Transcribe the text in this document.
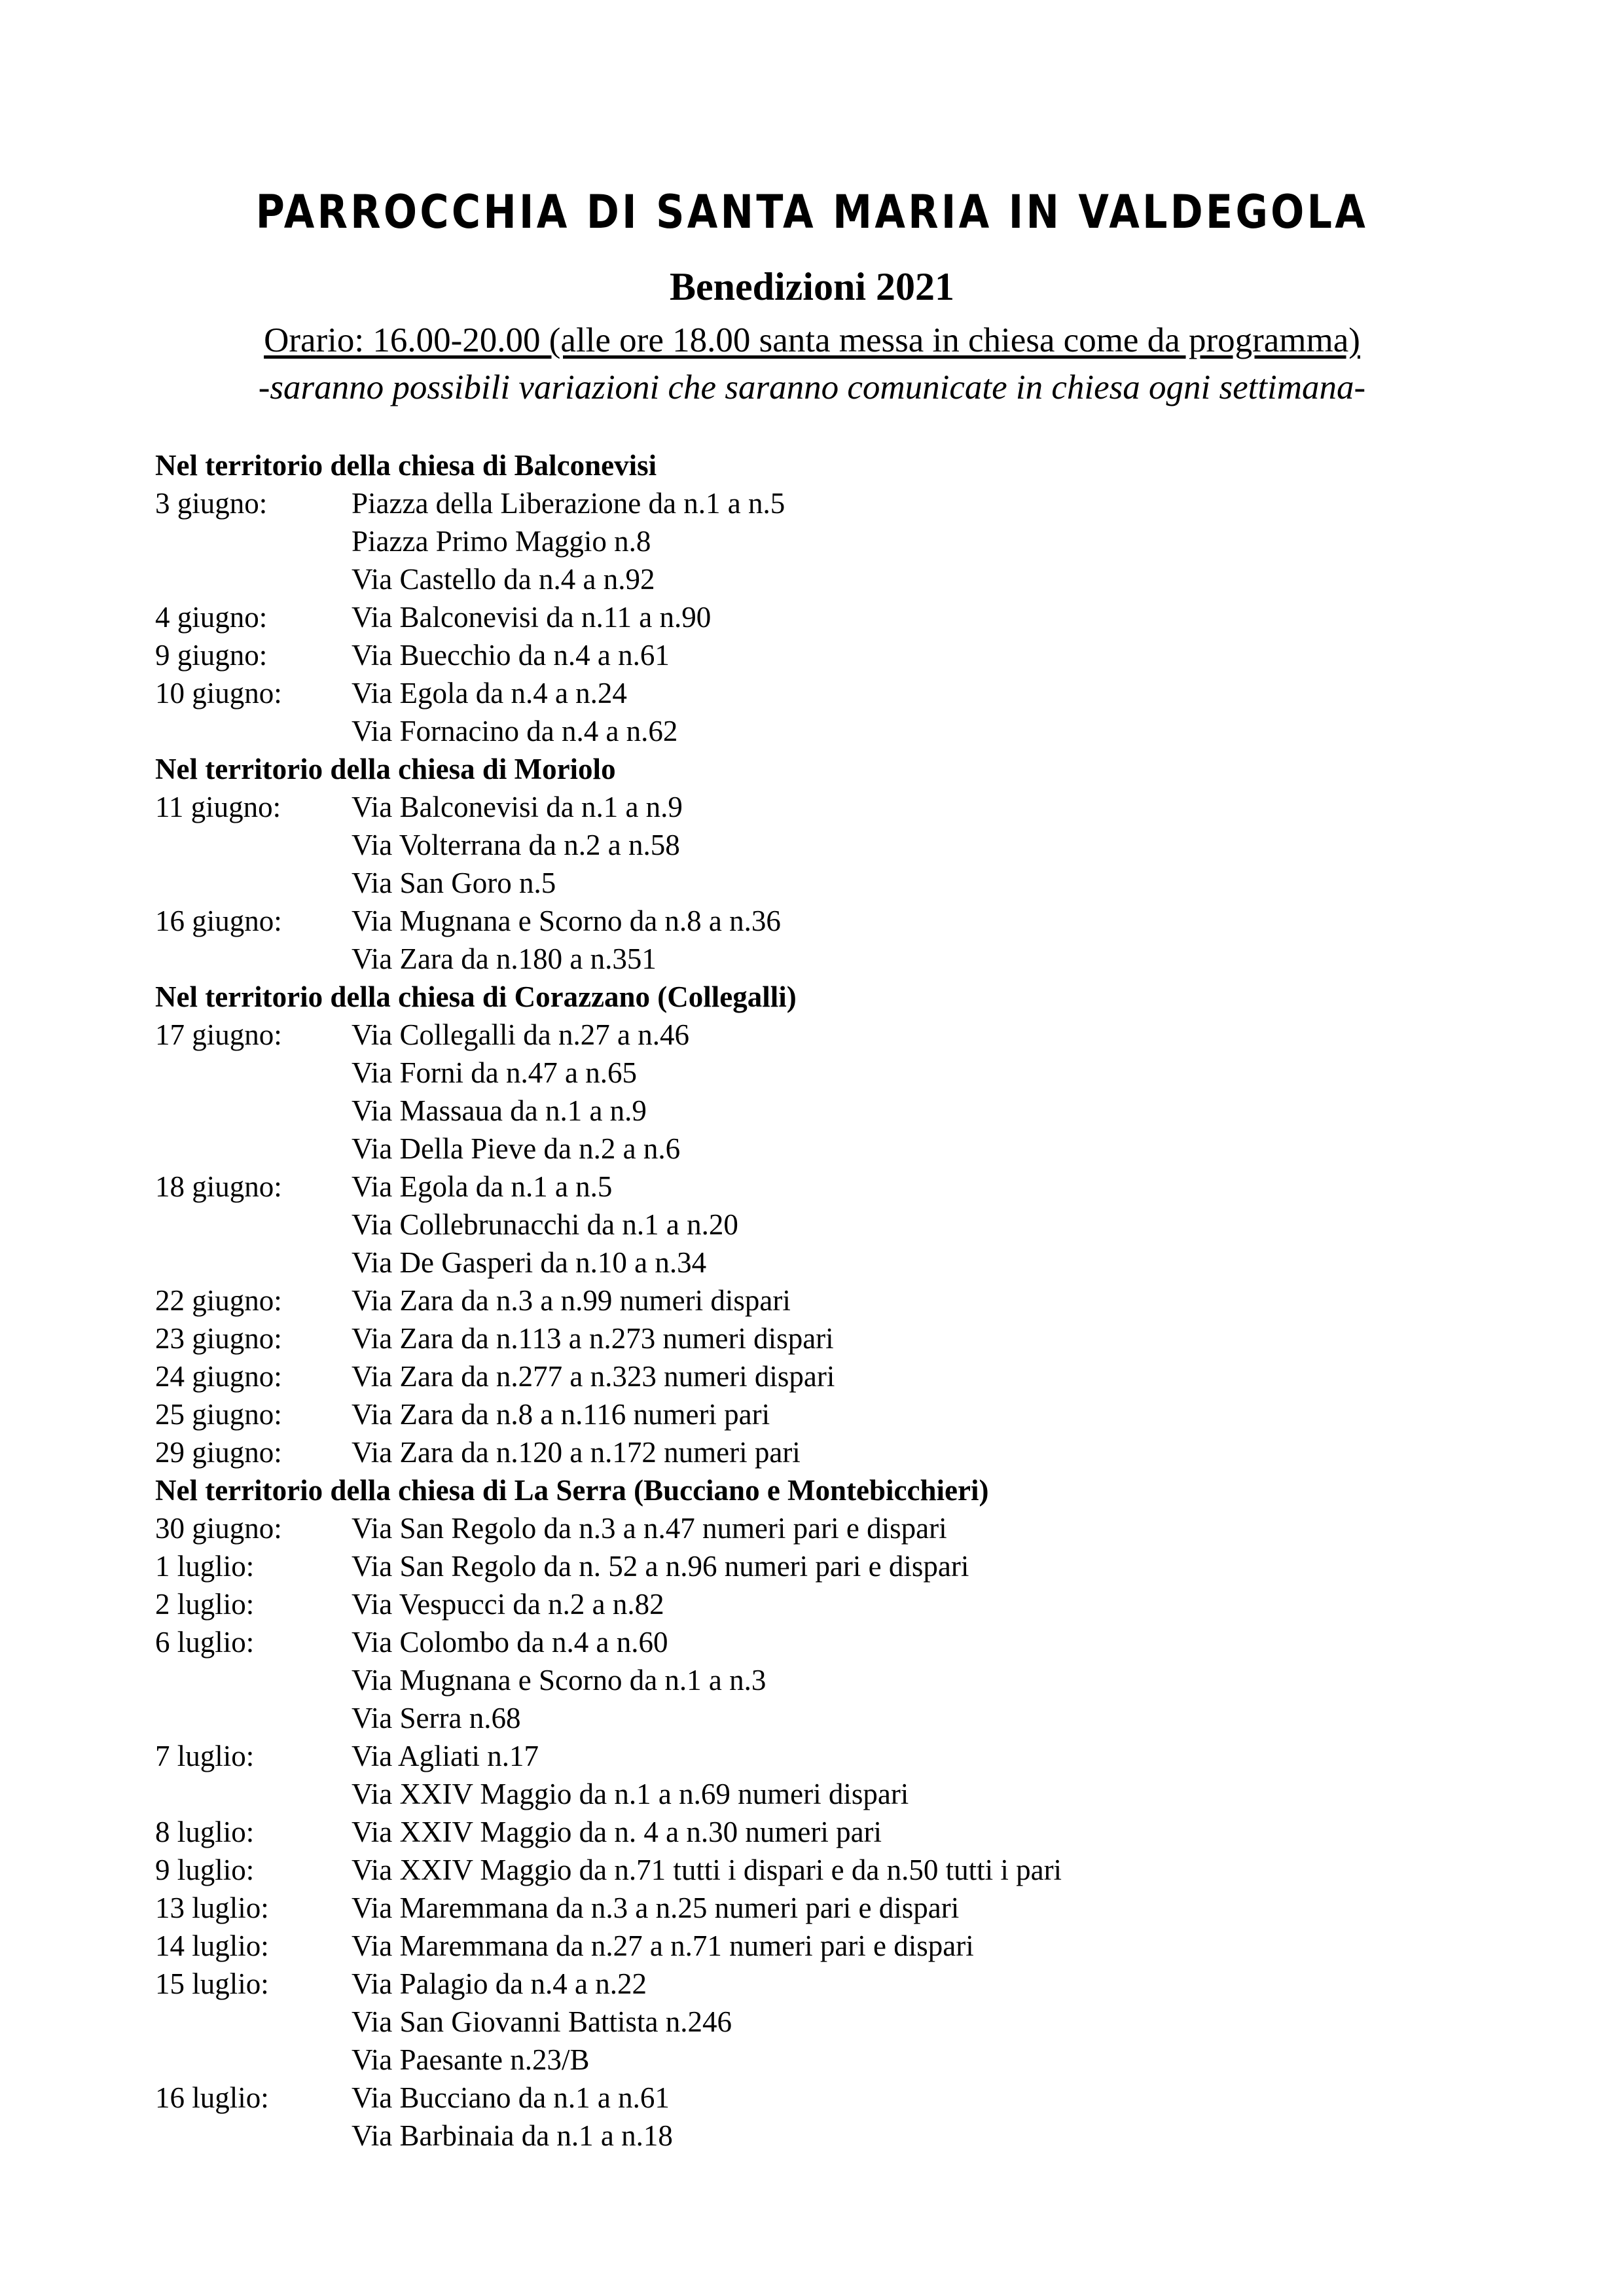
PARROCCHIA DI SANTA MARIA IN VALDEGOLA
Benedizioni 2021
Orario: 16.00-20.00 (alle ore 18.00 santa messa in chiesa come da programma)
-saranno possibili variazioni che saranno comunicate in chiesa ogni settimana-
Nel territorio della chiesa di Balconevisi
3 giugno:	Piazza della Liberazione da n.1 a n.5
Piazza Primo Maggio n.8
Via Castello da n.4 a n.92
4 giugno:	Via Balconevisi da n.11 a n.90
9 giugno:	Via Buecchio da n.4 a n.61
10 giugno:	Via Egola da n.4 a n.24
Via Fornacino da n.4 a n.62
Nel territorio della chiesa di Moriolo
11 giugno:	Via Balconevisi da n.1 a n.9
Via Volterrana da n.2 a n.58
Via San Goro n.5
16 giugno:	Via Mugnana e Scorno da n.8 a n.36
Via Zara da n.180 a n.351
Nel territorio della chiesa di Corazzano (Collegalli)
17 giugno:	Via Collegalli da n.27 a n.46
Via Forni da n.47 a n.65
Via Massaua da n.1 a n.9
Via Della Pieve da n.2 a n.6
18 giugno:	Via Egola da n.1 a n.5
Via Collebrunacchi da n.1 a n.20
Via De Gasperi da n.10 a n.34
22 giugno:	Via Zara da n.3 a n.99 numeri dispari
23 giugno:	Via Zara da n.113 a n.273 numeri dispari
24 giugno:	Via Zara da n.277 a n.323 numeri dispari
25 giugno:	Via Zara da n.8 a n.116 numeri pari
29 giugno:	Via Zara da n.120 a n.172 numeri pari
Nel territorio della chiesa di La Serra (Bucciano e Montebicchieri)
30 giugno:	Via San Regolo da n.3 a n.47 numeri pari e dispari
1 luglio:	Via San Regolo da n. 52 a n.96 numeri pari e dispari
2 luglio:	Via Vespucci da n.2 a n.82
6 luglio:	Via Colombo da n.4 a n.60
Via Mugnana e Scorno da n.1 a n.3
Via Serra n.68
7 luglio:	Via Agliati n.17
Via XXIV Maggio da n.1 a n.69 numeri dispari
8 luglio:	Via XXIV Maggio da n. 4 a n.30 numeri pari
9 luglio:	Via XXIV Maggio da n.71 tutti i dispari e da n.50 tutti i pari
13 luglio:	Via Maremmana da n.3 a n.25 numeri pari e dispari
14 luglio:	Via Maremmana da n.27 a n.71 numeri pari e dispari
15 luglio:	Via Palagio da n.4 a n.22
Via San Giovanni Battista n.246
Via Paesante n.23/B
16 luglio:	Via Bucciano da n.1 a n.61
Via Barbinaia da n.1 a n.18
